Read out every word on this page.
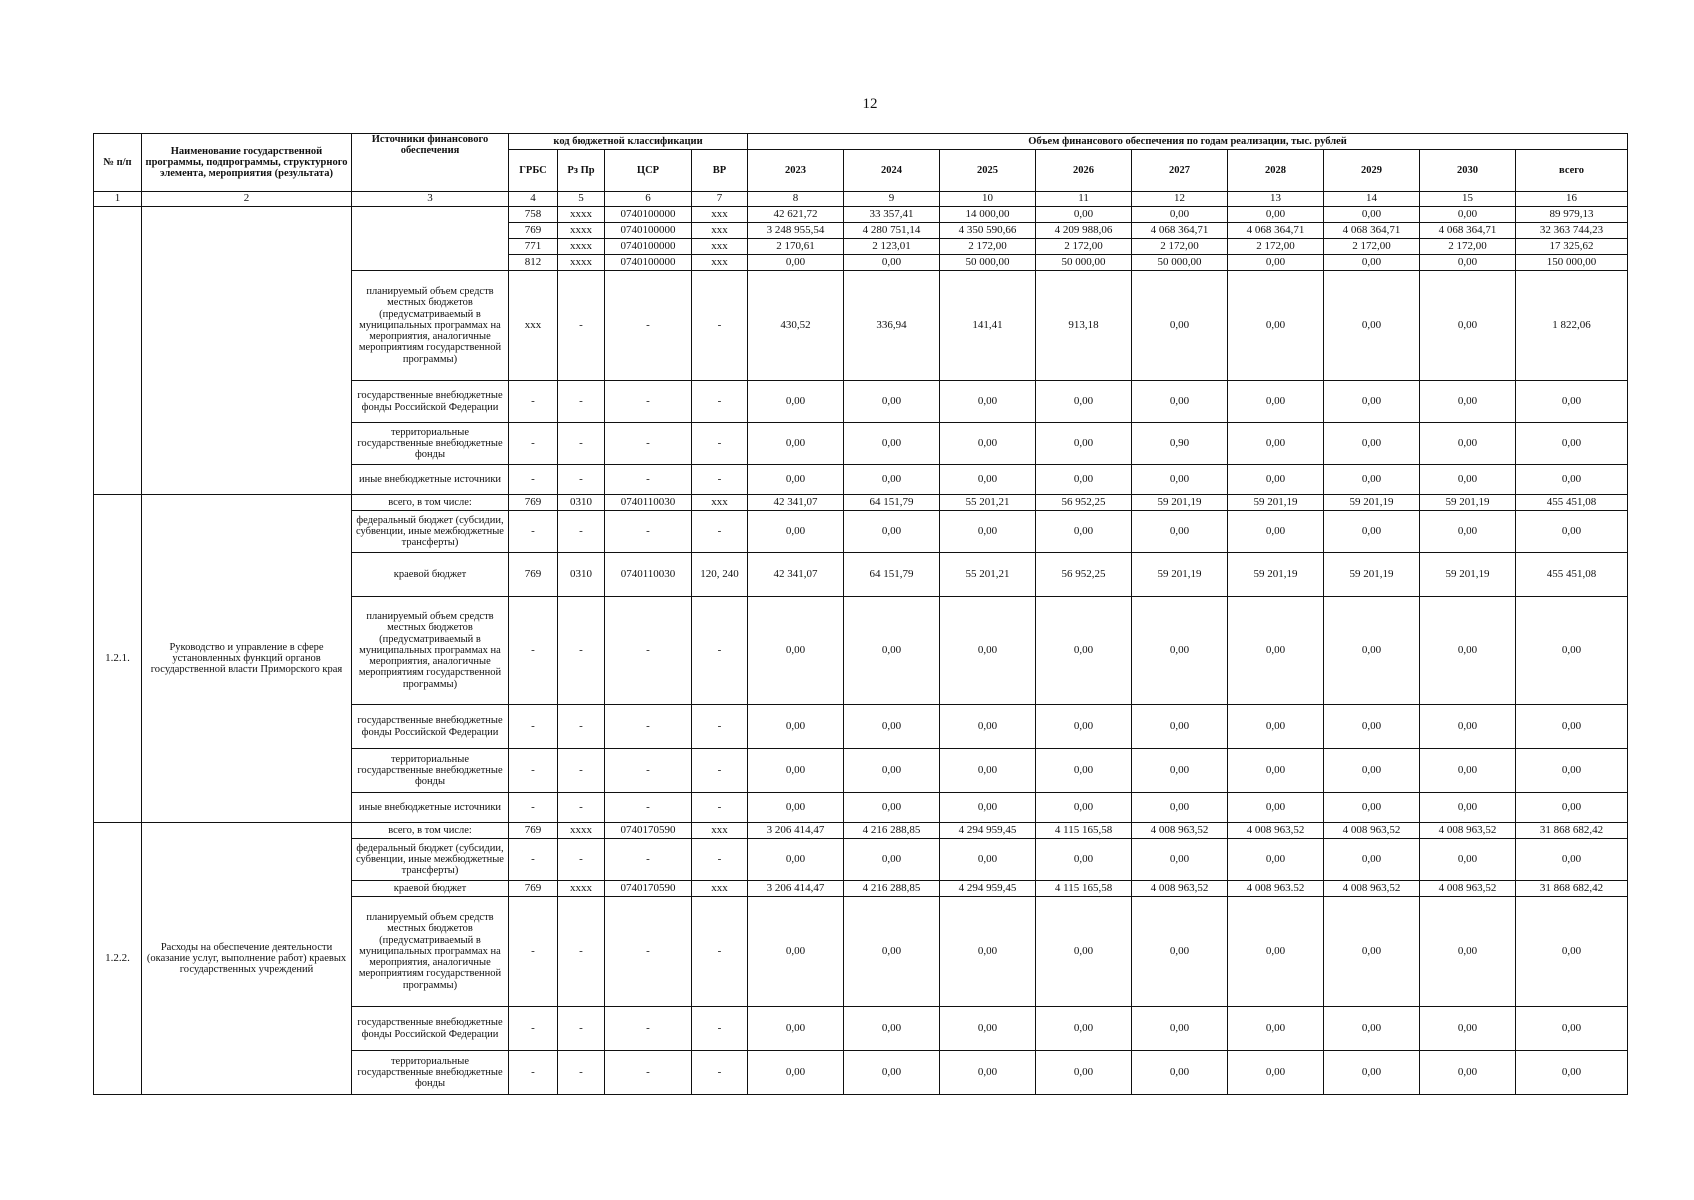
12
№ п/п	Наименование государственной программы, подпрограммы, структурного элемента, мероприятия (результата)	Источники финансового обеспечения	код бюджетной классификации				Объем финансового обеспечения по годам реализации, тыс. рублей								
			ГРБС	Рз Пр	ЦСР	ВР	2023	2024	2025	2026	2027	2028	2029	2030	всего
1	2	3	4	5	6	7	8	9	10	11	12	13	14	15	16
			758	хххх	0740100000	ххх	42 621,72	33 357,41	14 000,00	0,00	0,00	0,00	0,00	0,00	89 979,13
			769	хххх	0740100000	ххх	3 248 955,54	4 280 751,14	4 350 590,66	4 209 988,06	4 068 364,71	4 068 364,71	4 068 364,71	4 068 364,71	32 363 744,23
			771	хххх	0740100000	ххх	2 170,61	2 123,01	2 172,00	2 172,00	2 172,00	2 172,00	2 172,00	2 172,00	17 325,62
			812	хххх	0740100000	ххх	0,00	0,00	50 000,00	50 000,00	50 000,00	0,00	0,00	0,00	150 000,00
		планируемый объем средств местных бюджетов (предусматриваемый в муниципальных программах на мероприятия, аналогичные мероприятиям государственной программы)	ххх	-	-	-	430,52	336,94	141,41	913,18	0,00	0,00	0,00	0,00	1 822,06
		государственные внебюджетные фонды Российской Федерации	-	-	-	-	0,00	0,00	0,00	0,00	0,00	0,00	0,00	0,00	0,00
		территориальные государственные внебюджетные фонды	-	-	-	-	0,00	0,00	0,00	0,00	0,90	0,00	0,00	0,00	0,00
		иные внебюджетные источники	-	-	-	-	0,00	0,00	0,00	0,00	0,00	0,00	0,00	0,00	0,00
1.2.1.	Руководство и управление в сфере установленных функций органов государственной власти Приморского края	всего, в том числе:	769	0310	0740110030	ххх	42 341,07	64 151,79	55 201,21	56 952,25	59 201,19	59 201,19	59 201,19	59 201,19	455 451,08
		федеральный бюджет (субсидии, субвенции, иные межбюджетные трансферты)	-	-	-	-	0,00	0,00	0,00	0,00	0,00	0,00	0,00	0,00	0,00
		краевой бюджет	769	0310	0740110030	120, 240	42 341,07	64 151,79	55 201,21	56 952,25	59 201,19	59 201,19	59 201,19	59 201,19	455 451,08
		планируемый объем средств местных бюджетов (предусматриваемый в муниципальных программах на мероприятия, аналогичные мероприятиям государственной программы)	-	-	-	-	0,00	0,00	0,00	0,00	0,00	0,00	0,00	0,00	0,00
		государственные внебюджетные фонды Российской Федерации	-	-	-	-	0,00	0,00	0,00	0,00	0,00	0,00	0,00	0,00	0,00
		территориальные государственные внебюджетные фонды	-	-	-	-	0,00	0,00	0,00	0,00	0,00	0,00	0,00	0,00	0,00
		иные внебюджетные источники	-	-	-	-	0,00	0,00	0,00	0,00	0,00	0,00	0,00	0,00	0,00
1.2.2.	Расходы на обеспечение деятельности (оказание услуг, выполнение работ) краевых государственных учреждений	всего, в том числе:	769	хххх	0740170590	ххх	3 206 414,47	4 216 288,85	4 294 959,45	4 115 165,58	4 008 963,52	4 008 963,52	4 008 963,52	4 008 963,52	31 868 682,42
		федеральный бюджет (субсидии, субвенции, иные межбюджетные трансферты)	-	-	-	-	0,00	0,00	0,00	0,00	0,00	0,00	0,00	0,00	0,00
		краевой бюджет	769	хххх	0740170590	ххх	3 206 414,47	4 216 288,85	4 294 959,45	4 115 165,58	4 008 963,52	4 008 963.52	4 008 963,52	4 008 963,52	31 868 682,42
		планируемый объем средств местных бюджетов (предусматриваемый в муниципальных программах на мероприятия, аналогичные мероприятиям государственной программы)	-	-	-	-	0,00	0,00	0,00	0,00	0,00	0,00	0,00	0,00	0,00
		государственные внебюджетные фонды Российской Федерации	-	-	-	-	0,00	0,00	0,00	0,00	0,00	0,00	0,00	0,00	0,00
		территориальные государственные внебюджетные фонды	-	-	-	-	0,00	0,00	0,00	0,00	0,00	0,00	0,00	0,00	0,00
